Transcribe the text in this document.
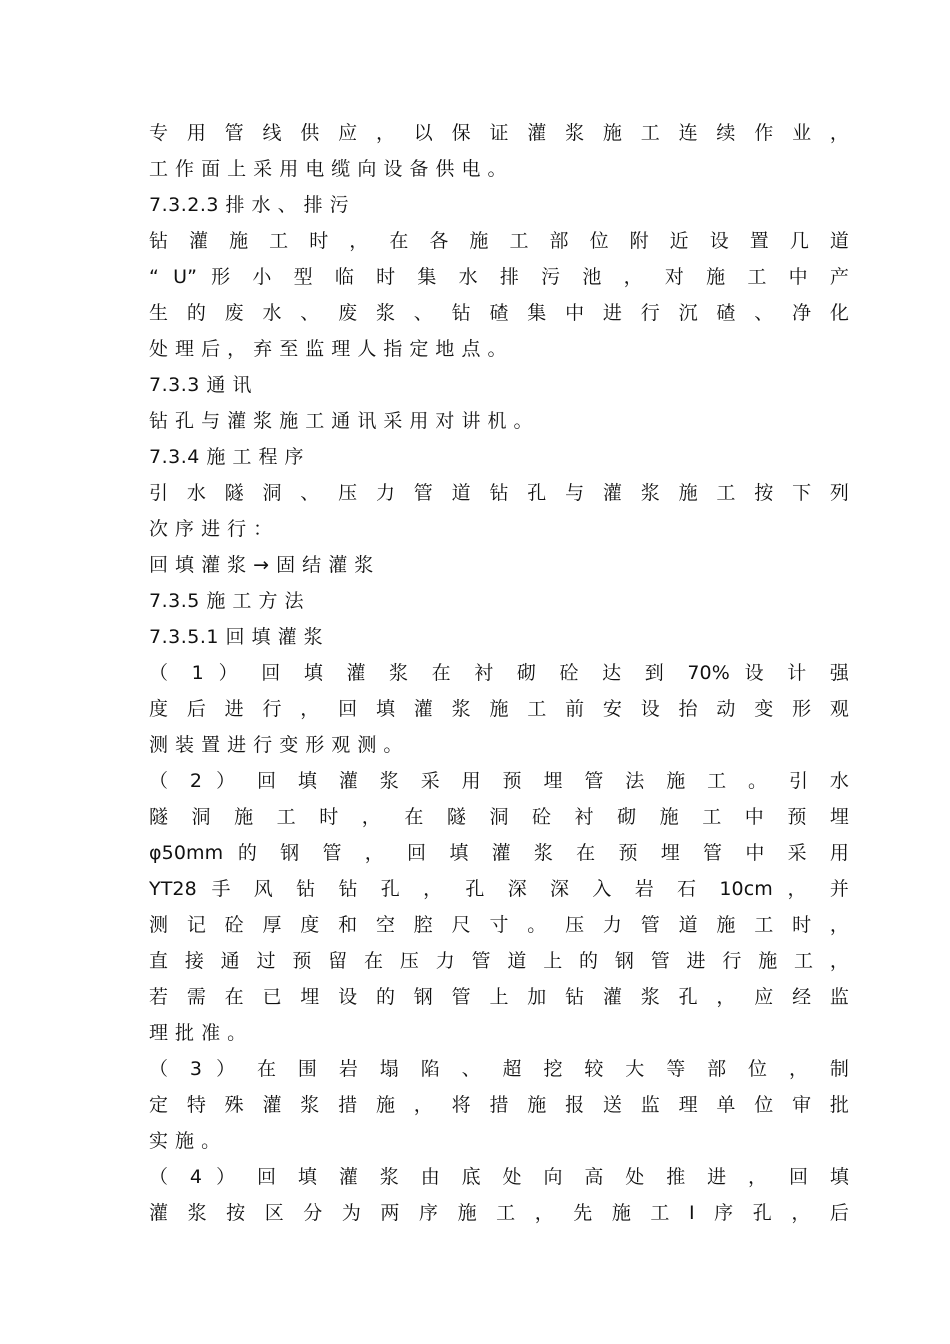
专 用 管 线 供 应 ， 以 保 证 灌 浆 施 工 连 续 作 业 ，
工 作 面 上 采 用 电 缆 向 设 备 供 电 。
7.3.2.3 排 水 、 排 污
钻 灌 施 工 时 ， 在 各 施 工 部 位 附 近 设 置 几 道
“ U” 形 小 型 临 时 集 水 排 污 池 ， 对 施 工 中 产
生 的 废 水 、 废 浆 、 钻 碴 集 中 进 行 沉 碴 、 净 化
处 理 后 ， 弃 至 监 理 人 指 定 地 点 。
7.3.3 通 讯
钻 孔 与 灌 浆 施 工 通 讯 采 用 对 讲 机 。
7.3.4 施 工 程 序
引 水 隧 洞 、 压 力 管 道 钻 孔 与 灌 浆 施 工 按 下 列
次 序 进 行 ：
回 填 灌 浆 → 固 结 灌 浆
7.3.5 施 工 方 法
7.3.5.1 回 填 灌 浆
（ 1 ） 回 填 灌 浆 在 衬 砌 砼 达 到 70% 设 计 强
度 后 进 行 ， 回 填 灌 浆 施 工 前 安 设 抬 动 变 形 观
测 装 置 进 行 变 形 观 测 。
（ 2 ） 回 填 灌 浆 采 用 预 埋 管 法 施 工 。 引 水
隧 洞 施 工 时 ， 在 隧 洞 砼 衬 砌 施 工 中 预 埋
φ50mm 的 钢 管 ， 回 填 灌 浆 在 预 埋 管 中 采 用
YT28 手 风 钻 钻 孔 ， 孔 深 深 入 岩 石 10cm ， 并
测 记 砼 厚 度 和 空 腔 尺 寸 。 压 力 管 道 施 工 时 ，
直 接 通 过 预 留 在 压 力 管 道 上 的 钢 管 进 行 施 工 ，
若 需 在 已 埋 设 的 钢 管 上 加 钻 灌 浆 孔 ， 应 经 监
理 批 准 。
（ 3 ） 在 围 岩 塌 陷 、 超 挖 较 大 等 部 位 ， 制
定 特 殊 灌 浆 措 施 ， 将 措 施 报 送 监 理 单 位 审 批
实 施 。
（ 4 ） 回 填 灌 浆 由 底 处 向 高 处 推 进 ， 回 填
灌 浆 按 区 分 为 两 序 施 工 ， 先 施 工 Ⅰ 序 孔 ， 后
